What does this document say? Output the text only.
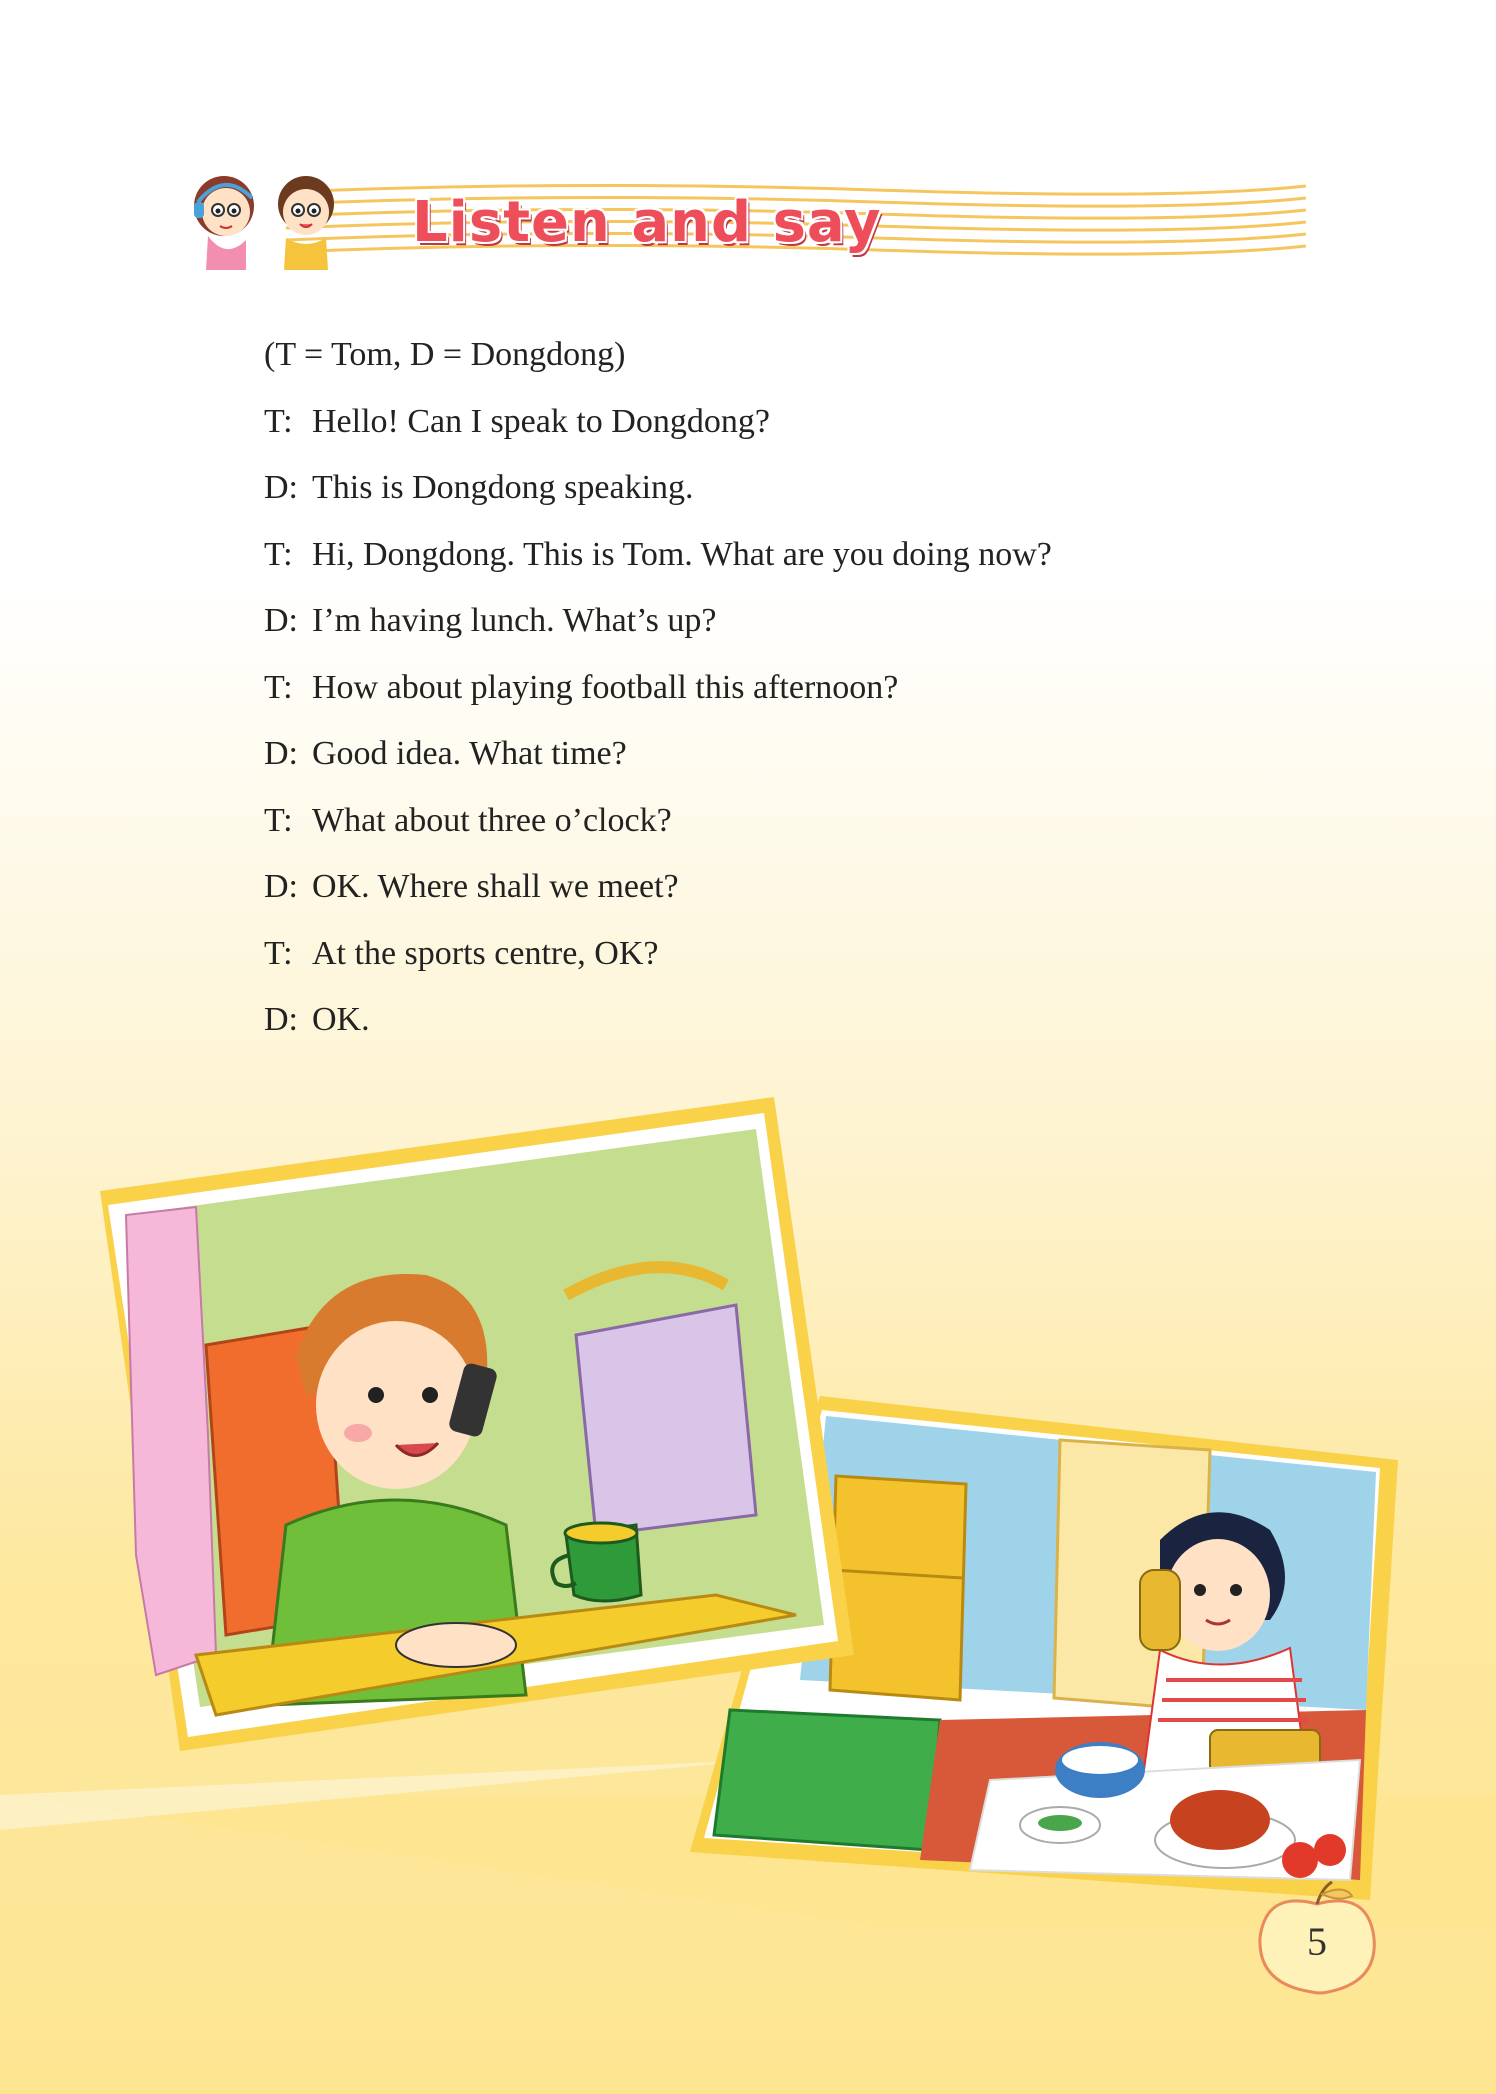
Listen and say
(T = Tom, D = Dongdong)
T: Hello! Can I speak to Dongdong?
D: This is Dongdong speaking.
T: Hi, Dongdong. This is Tom. What are you doing now?
D: I’m having lunch. What’s up?
T: How about playing football this afternoon?
D: Good idea. What time?
T: What about three o’clock?
D: OK. Where shall we meet?
T: At the sports centre, OK?
D: OK.
5
